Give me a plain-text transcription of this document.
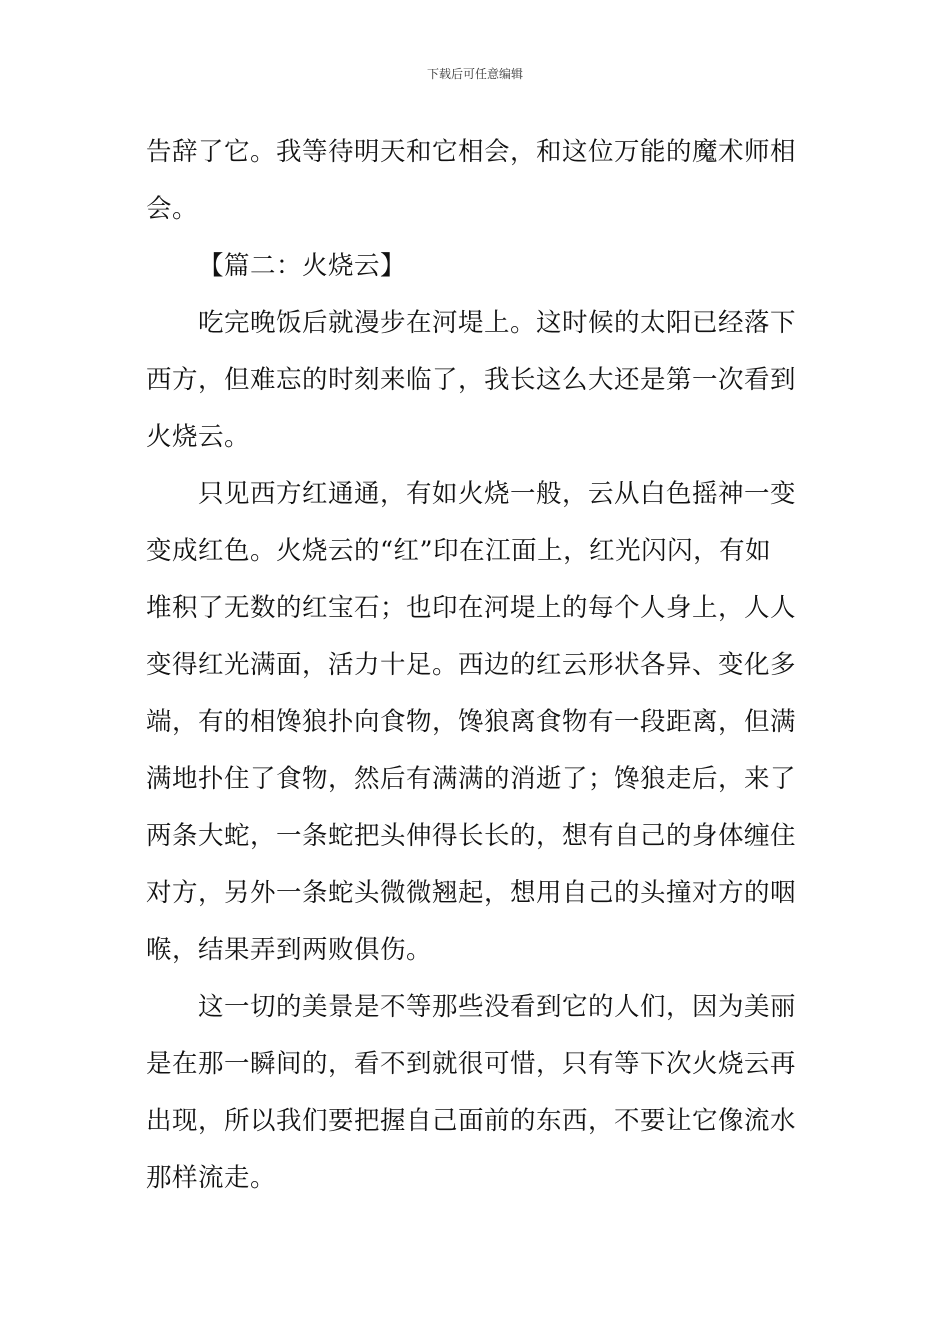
下载后可任意编辑
告辞了它。我等待明天和它相会，和这位万能的魔术师相
会。
【篇二：火烧云】
吃完晚饭后就漫步在河堤上。这时候的太阳已经落下
西方，但难忘的时刻来临了，我长这么大还是第一次看到
火烧云。
只见西方红通通，有如火烧一般，云从白色摇神一变
变成红色。火烧云的“红”印在江面上，红光闪闪，有如
堆积了无数的红宝石；也印在河堤上的每个人身上，人人
变得红光满面，活力十足。西边的红云形状各异、变化多
端，有的相馋狼扑向食物，馋狼离食物有一段距离，但满
满地扑住了食物，然后有满满的消逝了；馋狼走后，来了
两条大蛇，一条蛇把头伸得长长的，想有自己的身体缠住
对方，另外一条蛇头微微翘起，想用自己的头撞对方的咽
喉，结果弄到两败俱伤。
这一切的美景是不等那些没看到它的人们，因为美丽
是在那一瞬间的，看不到就很可惜，只有等下次火烧云再
出现，所以我们要把握自己面前的东西，不要让它像流水
那样流走。
